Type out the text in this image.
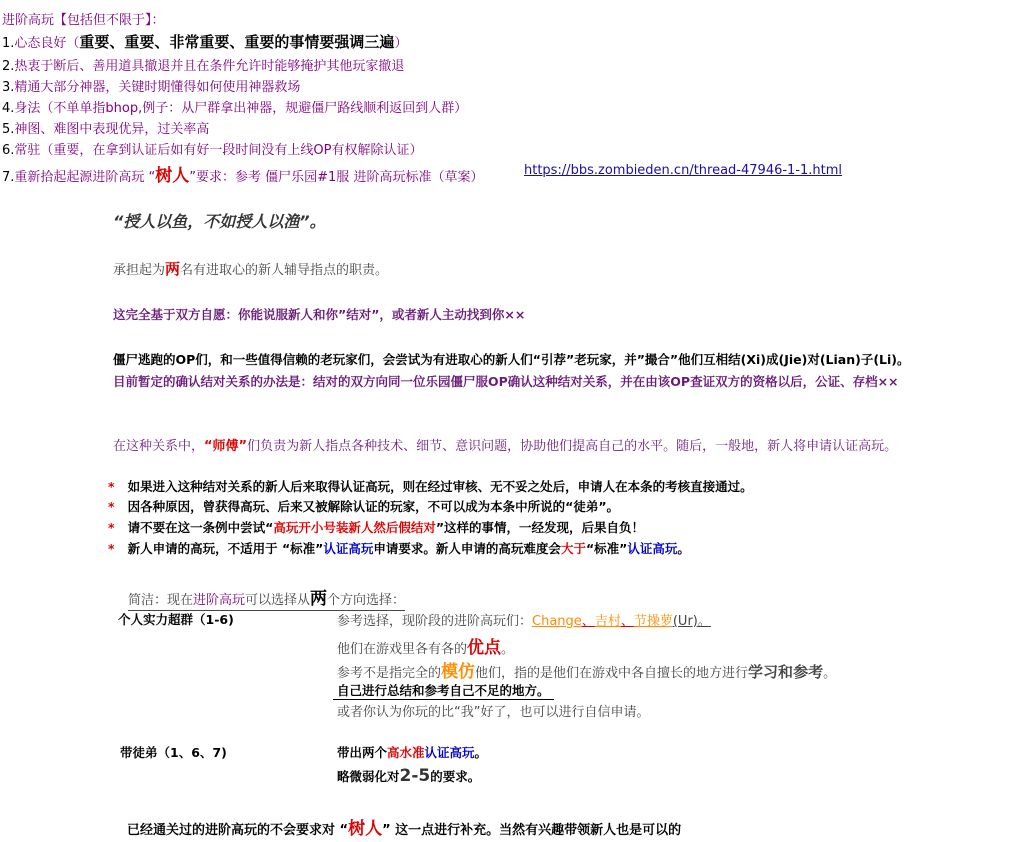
进阶高玩【包括但不限于】：
1.心态良好（重要、重要、非常重要、重要的事情要强调三遍）
2.热衷于断后、善用道具撤退并且在条件允许时能够掩护其他玩家撤退
3.精通大部分神器，关键时期懂得如何使用神器救场
4.身法（不单单指bhop,例子：从尸群拿出神器，规避僵尸路线顺利返回到人群）
5.神图、难图中表现优异，过关率高
6.常驻（重要，在拿到认证后如有好一段时间没有上线OP有权解除认证）
7.重新拾起起源进阶高玩 “树人”要求：参考 僵尸乐园#1服 进阶高玩标准（草案）	https://bbs.zombieden.cn/thread-47946-1-1.html
“授人以鱼，不如授人以渔”。
承担起为两名有进取心的新人辅导指点的职责。
这完全基于双方自愿：你能说服新人和你”结对”，或者新人主动找到你××
僵尸逃跑的OP们，和一些值得信赖的老玩家们，会尝试为有进取心的新人们“引荐”老玩家，并”撮合”他们互相结(Xi)成(Jie)对(Lian)子(Li)。
目前暂定的确认结对关系的办法是：结对的双方向同一位乐园僵尸服OP确认这种结对关系，并在由该OP查证双方的资格以后，公证、存档××
在这种关系中，“师傅”们负责为新人指点各种技术、细节、意识问题，协助他们提高自己的水平。随后，一般地，新人将申请认证高玩。
* 如果进入这种结对关系的新人后来取得认证高玩，则在经过审核、无不妥之处后，申请人在本条的考核直接通过。
* 因各种原因，曾获得高玩、后来又被解除认证的玩家，不可以成为本条中所说的“徒弟”。
* 请不要在这一条例中尝试“高玩开小号装新人然后假结对”这样的事情，一经发现，后果自负！
* 新人申请的高玩，不适用于 “标准”认证高玩申请要求。新人申请的高玩难度会大于“标准”认证高玩。
简洁：现在进阶高玩可以选择从两个方向选择：
个人实力超群（1-6)	参考选择，现阶段的进阶高玩们：Change、吉村、节操萝(Ur)。
他们在游戏里各有各的优点。
参考不是指完全的模仿他们，指的是他们在游戏中各自擅长的地方进行学习和参考。
自己进行总结和参考自己不足的地方。
或者你认为你玩的比“我”好了，也可以进行自信申请。
带徒弟（1、6、7)	带出两个高水准认证高玩。
略微弱化对2-5的要求。
已经通关过的进阶高玩的不会要求对 “树人” 这一点进行补充。当然有兴趣带领新人也是可以的
